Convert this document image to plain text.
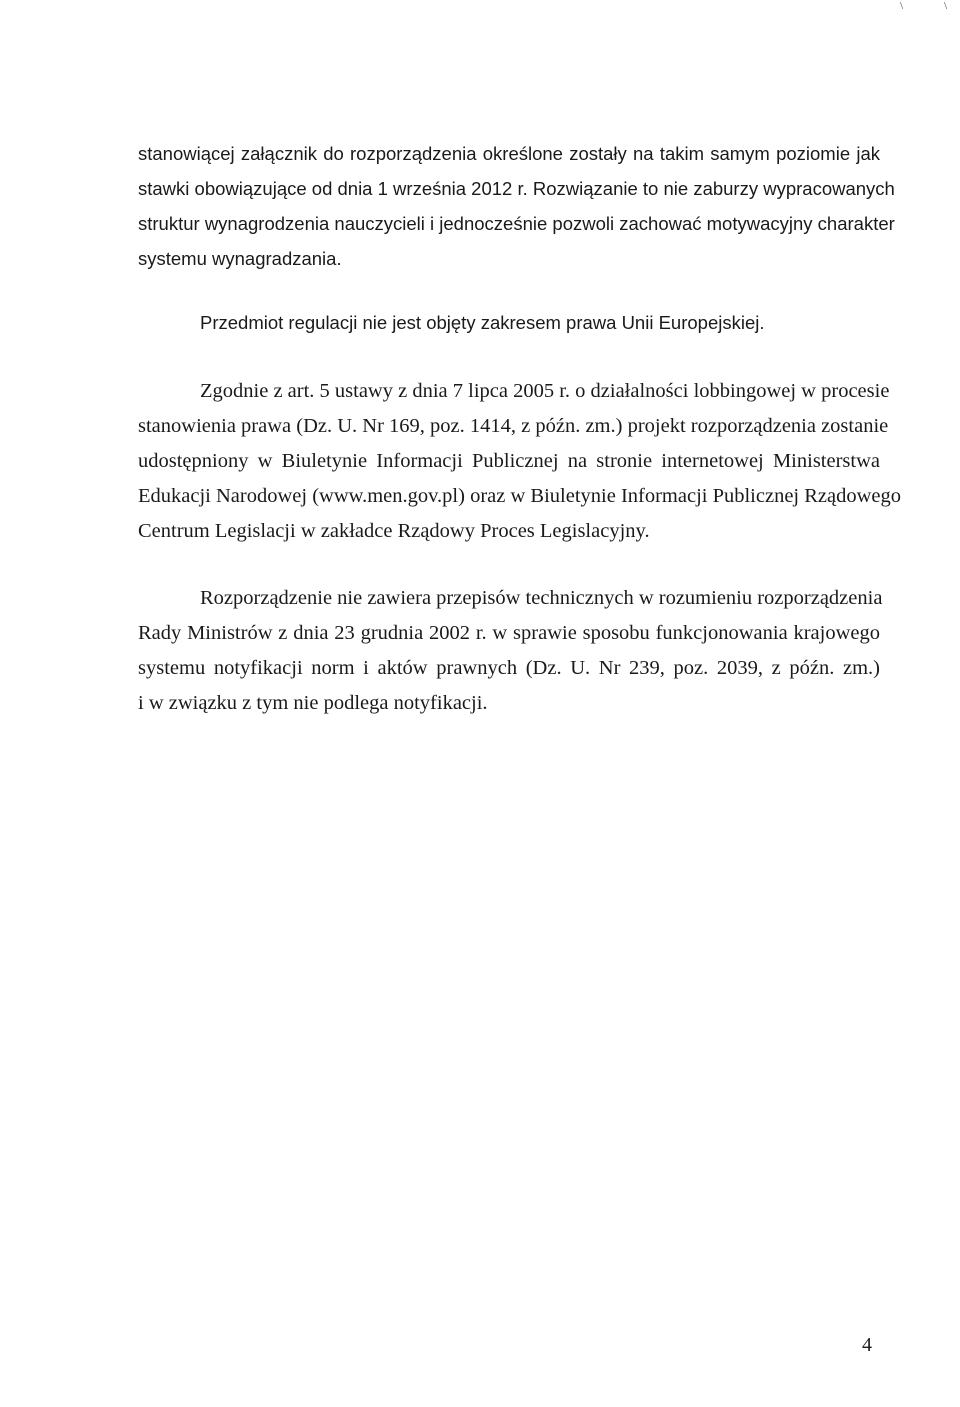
\	\
stanowiącej załącznik do rozporządzenia określone zostały na takim samym poziomie jak
stawki obowiązujące od dnia 1 września 2012 r. Rozwiązanie to nie zaburzy wypracowanych
struktur wynagrodzenia nauczycieli i jednocześnie pozwoli zachować motywacyjny charakter
systemu wynagradzania.
Przedmiot regulacji nie jest objęty zakresem prawa Unii Europejskiej.
Zgodnie z art. 5 ustawy z dnia 7 lipca 2005 r. o działalności lobbingowej w procesie
stanowienia prawa (Dz. U. Nr 169, poz. 1414, z późn. zm.) projekt rozporządzenia zostanie
udostępniony w Biuletynie Informacji Publicznej na stronie internetowej Ministerstwa
Edukacji Narodowej (www.men.gov.pl) oraz w Biuletynie Informacji Publicznej Rządowego
Centrum Legislacji w zakładce Rządowy Proces Legislacyjny.
Rozporządzenie nie zawiera przepisów technicznych w rozumieniu rozporządzenia
Rady Ministrów z dnia 23 grudnia 2002 r. w sprawie sposobu funkcjonowania krajowego
systemu notyfikacji norm i aktów prawnych (Dz. U. Nr 239, poz. 2039, z późn. zm.)
i w związku z tym nie podlega notyfikacji.
4
